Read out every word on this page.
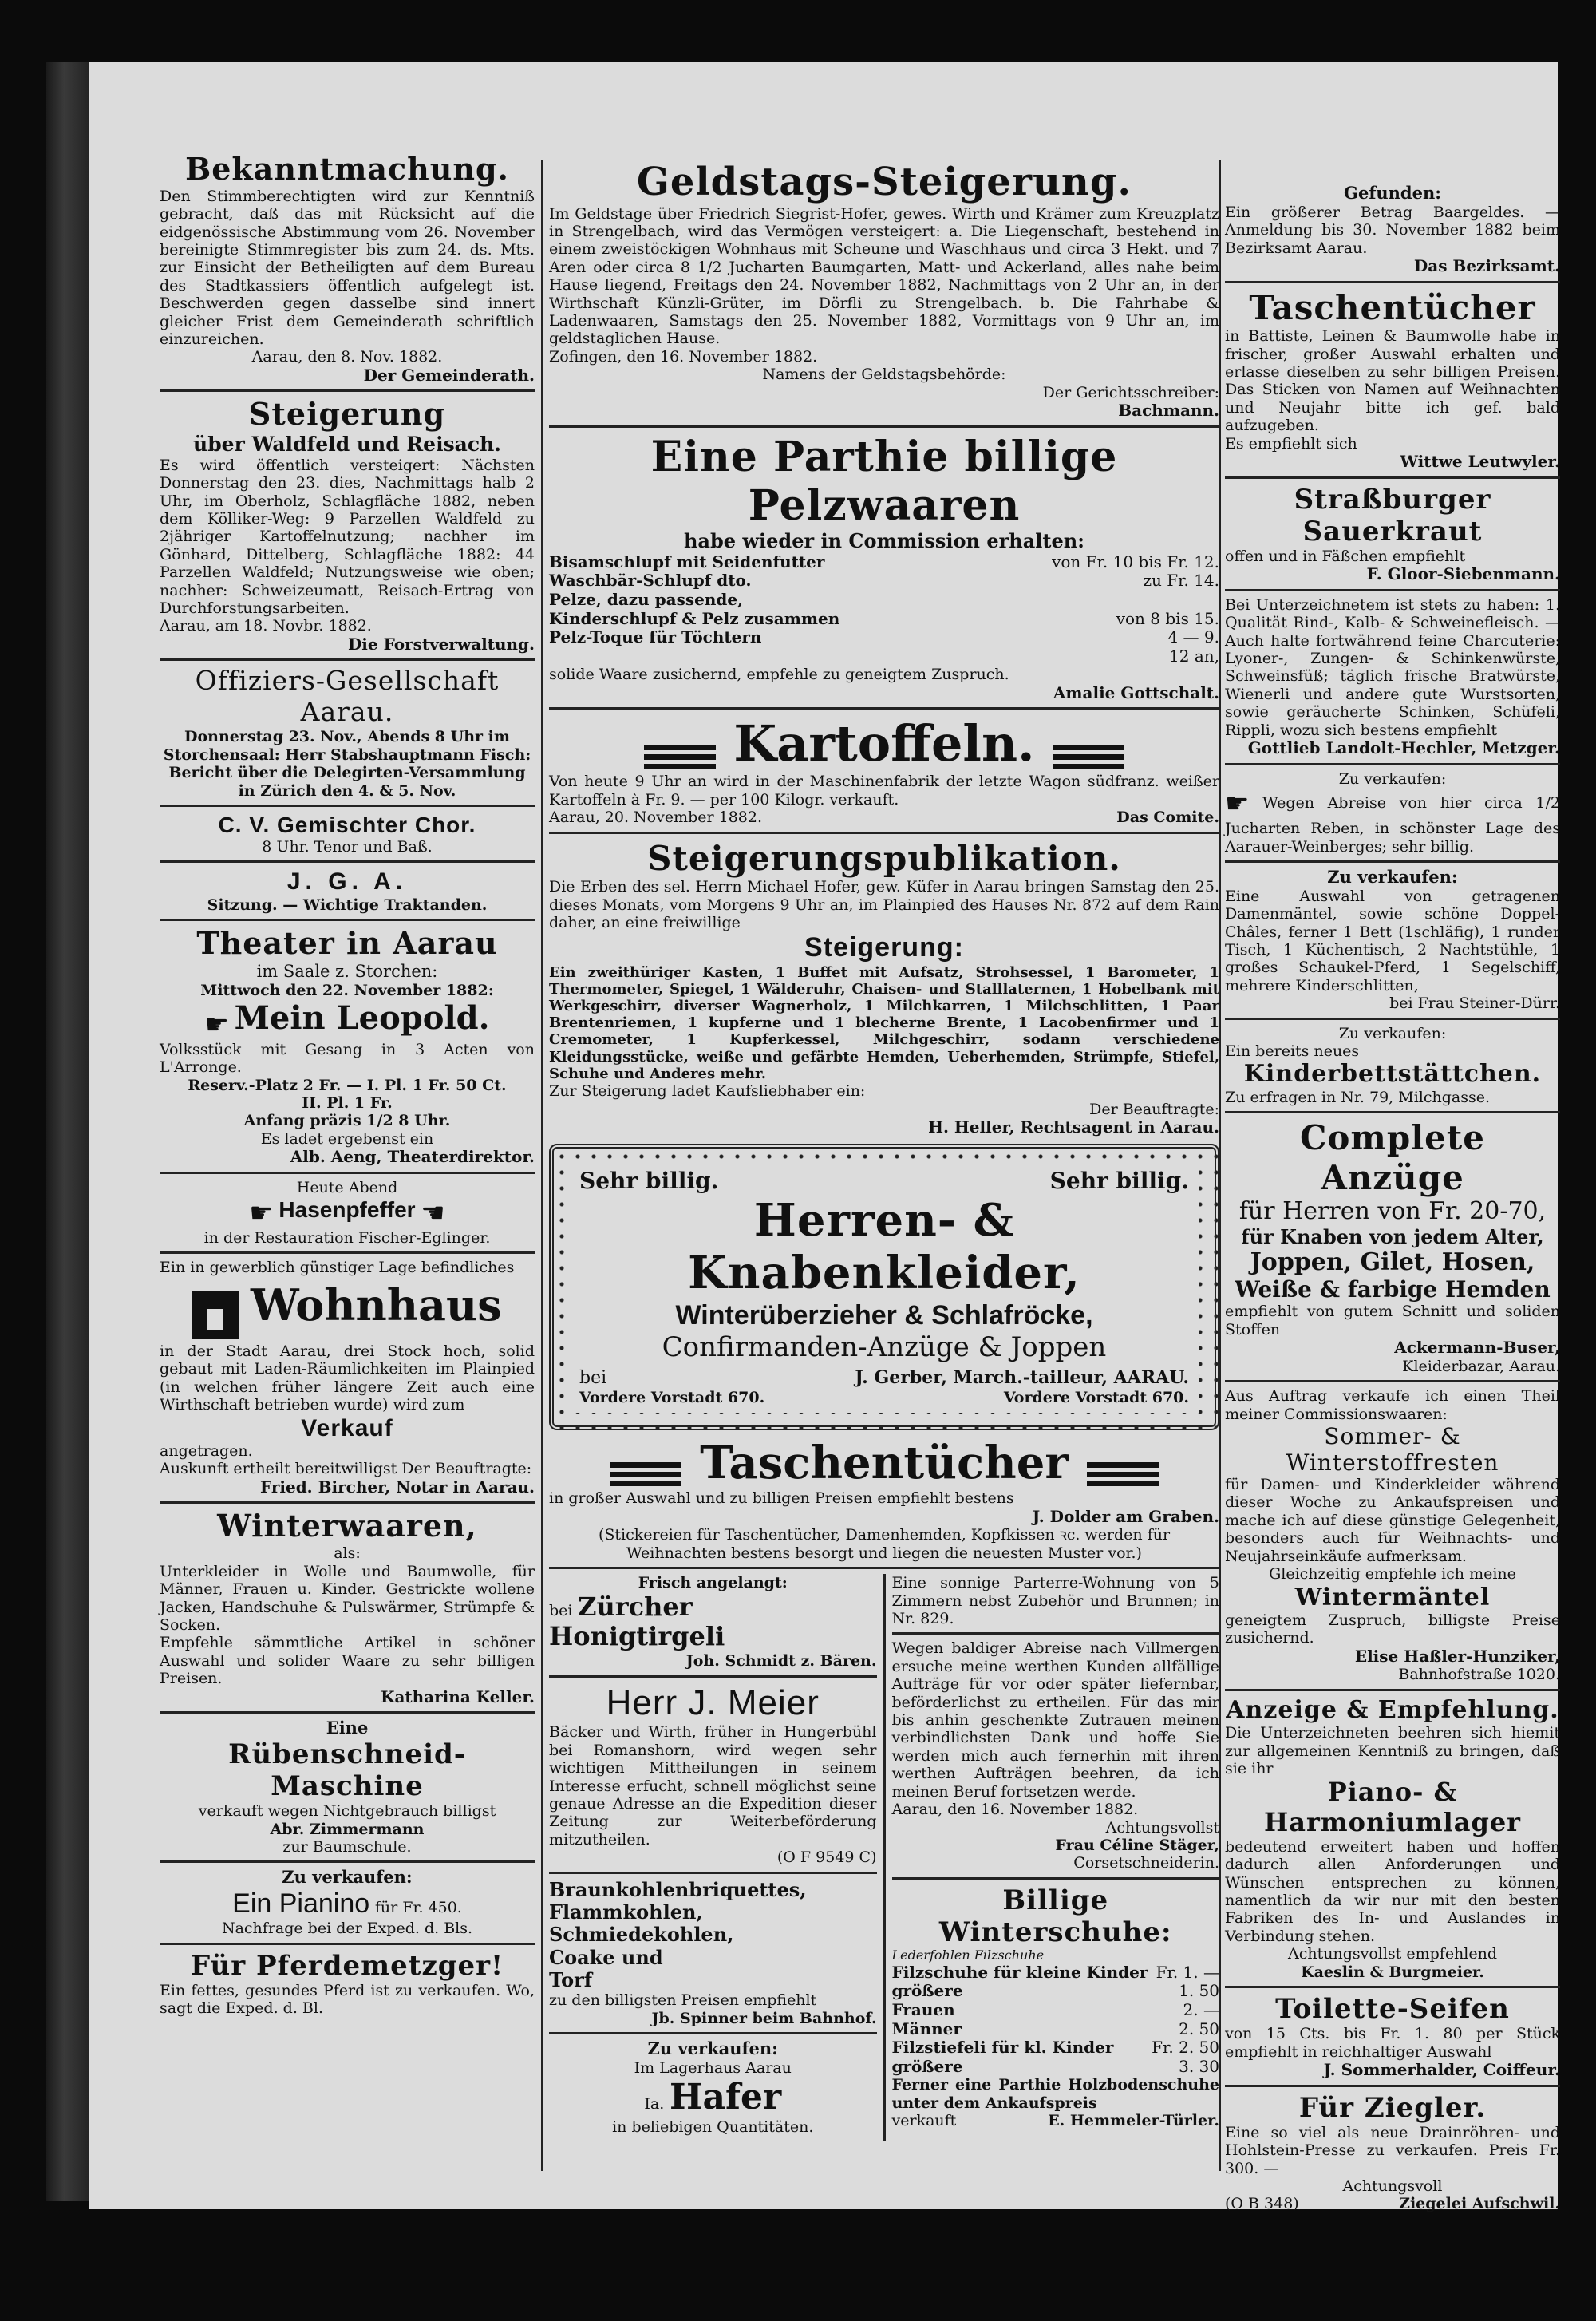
Bekanntmachung.

Den Stimmberechtigten wird zur Kenntniß gebracht, daß das mit Rücksicht auf die eidgenössische Abstimmung vom 26. November bereinigte Stimmregister bis zum 24. ds. Mts. zur Einsicht der Betheiligten auf dem Bureau des Stadtkassiers öffentlich aufgelegt ist. Beschwerden gegen dasselbe sind innert gleicher Frist dem Gemeinderath schriftlich einzureichen.

Aarau, den 8. Nov. 1882.
Der Gemeinderath.
Steigerung
über Waldfeld und Reisach.

Es wird öffentlich versteigert: Nächsten Donnerstag den 23. dies, Nachmittags halb 2 Uhr, im Oberholz, Schlagfläche 1882, neben dem Kölliker-Weg: 9 Parzellen Waldfeld zu 2jähriger Kartoffelnutzung; nachher im Gönhard, Dittelberg, Schlagfläche 1882: 44 Parzellen Waldfeld; Nutzungsweise wie oben; nachher: Schweizeumatt, Reisach-Ertrag von Durchforstungsarbeiten.

Aarau, am 18. Novbr. 1882.
Die Forstverwaltung.
Offiziers-Gesellschaft Aarau.

Donnerstag 23. Nov., Abends 8 Uhr im Storchensaal: Herr Stabshauptmann Fisch: Bericht über die Delegirten-Versammlung in Zürich den 4. & 5. Nov.

C. V. Gemischter Chor.
8 Uhr. Tenor und Baß.
J. G. A.
Sitzung. — Wichtige Traktanden.
Theater in Aarau
im Saale z. Storchen:
Mittwoch den 22. November 1882:
☛ Mein Leopold.

Volksstück mit Gesang in 3 Acten von L'Arronge.

Reserv.-Platz 2 Fr. — I. Pl. 1 Fr. 50 Ct.
II. Pl. 1 Fr.
Anfang präzis 1/2 8 Uhr.
Es ladet ergebenst ein
Alb. Aeng, Theaterdirektor.
Heute Abend
☛ Hasenpfeffer ☚
in der Restauration Fischer-Eglinger.

Ein in gewerblich günstiger Lage befindliches

Wohnhaus

in der Stadt Aarau, drei Stock hoch, solid gebaut mit Laden-Räumlichkeiten im Plainpied (in welchen früher längere Zeit auch eine Wirthschaft betrieben wurde) wird zum

Verkauf
angetragen.

Auskunft ertheilt bereitwilligst Der Beauftragte:

Fried. Bircher, Notar in Aarau.
Winterwaaren,
als:

Unterkleider in Wolle und Baumwolle, für Männer, Frauen u. Kinder. Gestrickte wollene Jacken, Handschuhe & Pulswärmer, Strümpfe & Socken.

Empfehle sämmtliche Artikel in schöner Auswahl und solider Waare zu sehr billigen Preisen.

Katharina Keller.
Eine
Rübenschneid-Maschine
verkauft wegen Nichtgebrauch billigst
Abr. Zimmermann
zur Baumschule.
Zu verkaufen:
Ein Pianino für Fr. 450.
Nachfrage bei der Exped. d. Bls.
Für Pferdemetzger!

Ein fettes, gesundes Pferd ist zu verkaufen. Wo, sagt die Exped. d. Bl.

Geldstags-Steigerung.

Im Geldstage über Friedrich Siegrist-Hofer, gewes. Wirth und Krämer zum Kreuzplatz in Strengelbach, wird das Vermögen versteigert: a. Die Liegenschaft, bestehend in einem zweistöckigen Wohnhaus mit Scheune und Waschhaus und circa 3 Hekt. und 7 Aren oder circa 8 1/2 Jucharten Baumgarten, Matt- und Ackerland, alles nahe beim Hause liegend, Freitags den 24. November 1882, Nachmittags von 2 Uhr an, in der Wirthschaft Künzli-Grüter, im Dörfli zu Strengelbach. b. Die Fahrhabe & Ladenwaaren, Samstags den 25. November 1882, Vormittags von 9 Uhr an, im geldstaglichen Hause.

Zofingen, den 16. November 1882.
Namens der Geldstagsbehörde:
Der Gerichtsschreiber:
Bachmann.
Eine Parthie billige Pelzwaaren
habe wieder in Commission erhalten:
Bisamschlupf mit Seidenfutter	von Fr. 10 bis Fr. 12.
Waschbär-Schlupf dto.	zu Fr. 14.
Pelze, dazu passende,
Kinderschlupf & Pelz zusammen	von 8 bis 15.
Pelz-Toque für Töchtern	4 — 9.
12 an,
solide Waare zusichernd, empfehle zu geneigtem Zuspruch.
Amalie Gottschalt.
Kartoffeln.

Von heute 9 Uhr an wird in der Maschinenfabrik der letzte Wagon südfranz. weißer Kartoffeln à Fr. 9. — per 100 Kilogr. verkauft.

Aarau, 20. November 1882.	Das Comite.
Steigerungspublikation.

Die Erben des sel. Herrn Michael Hofer, gew. Küfer in Aarau bringen Samstag den 25. dieses Monats, vom Morgens 9 Uhr an, im Plainpied des Hauses Nr. 872 auf dem Rain daher, an eine freiwillige

Steigerung:

Ein zweithüriger Kasten, 1 Buffet mit Aufsatz, Strohsessel, 1 Barometer, 1 Thermometer, Spiegel, 1 Wälderuhr, Chaisen- und Stalllaternen, 1 Hobelbank mit Werkgeschirr, diverser Wagnerholz, 1 Milchkarren, 1 Milchschlitten, 1 Paar Brentenriemen, 1 kupferne und 1 blecherne Brente, 1 Lacobenfirmer und 1 Cremometer, 1 Kupferkessel, Milchgeschirr, sodann verschiedene Kleidungsstücke, weiße und gefärbte Hemden, Ueberhemden, Strümpfe, Stiefel, Schuhe und Anderes mehr.

Zur Steigerung ladet Kaufsliebhaber ein:
Der Beauftragte:
H. Heller, Rechtsagent in Aarau.
Sehr billig.	Sehr billig.
Herren- & Knabenkleider,
Winterüberzieher & Schlafröcke,
Confirmanden-Anzüge & Joppen
bei	J. Gerber, March.-tailleur, AARAU.
Vordere Vorstadt 670.	Vordere Vorstadt 670.
Taschentücher
in großer Auswahl und zu billigen Preisen empfiehlt bestens
J. Dolder am Graben.

(Stickereien für Taschentücher, Damenhemden, Kopfkissen ꝛc. werden für Weihnachten bestens besorgt und liegen die neuesten Muster vor.)

Frisch angelangt:
bei Zürcher Honigtirgeli
Joh. Schmidt z. Bären.
Herr J. Meier

Bäcker und Wirth, früher in Hungerbühl bei Romanshorn, wird wegen sehr wichtigen Mittheilungen in seinem Interesse erfucht, schnell möglichst seine genaue Adresse an die Expedition dieser Zeitung zur Weiterbeförderung mitzutheilen.

(O F 9549 C)
Braunkohlenbriquettes,
Flammkohlen,
Schmiedekohlen,
Coake und
Torf
zu den billigsten Preisen empfiehlt
Jb. Spinner beim Bahnhof.
Zu verkaufen:
Im Lagerhaus Aarau
Ia. Hafer
in beliebigen Quantitäten.

Eine sonnige Parterre-Wohnung von 5 Zimmern nebst Zubehör und Brunnen; in Nr. 829.

Wegen baldiger Abreise nach Villmergen ersuche meine werthen Kunden allfällige Aufträge für vor oder später liefernbar, beförderlichst zu ertheilen. Für das mir bis anhin geschenkte Zutrauen meinen verbindlichsten Dank und hoffe Sie werden mich auch fernerhin mit ihren werthen Aufträgen beehren, da ich meinen Beruf fortsetzen werde.

Aarau, den 16. November 1882.
Achtungsvollst
Frau Céline Stäger,
Corsetschneiderin.
Billige Winterschuhe:
Lederfohlen Filzschuhe
Filzschuhe für kleine Kinder Fr. 1. —
größere	1. 50
Frauen	2. —
Männer	2. 50
Filzstiefeli für kl. Kinder Fr. 2. 50
größere	3. 30

Ferner eine Parthie Holzbodenschuhe unter dem Ankaufspreis

verkauft	E. Hemmeler-Türler.
Gefunden:

Ein größerer Betrag Baargeldes. — Anmeldung bis 30. November 1882 beim Bezirksamt Aarau.

Das Bezirksamt.
Taschentücher

in Battiste, Leinen & Baumwolle habe in frischer, großer Auswahl erhalten und erlasse dieselben zu sehr billigen Preisen. Das Sticken von Namen auf Weihnachten und Neujahr bitte ich gef. bald aufzugeben.

Es empfiehlt sich
Wittwe Leutwyler.
Straßburger Sauerkraut
offen und in Fäßchen empfiehlt
F. Gloor-Siebenmann.

Bei Unterzeichnetem ist stets zu haben: 1. Qualität Rind-, Kalb- & Schweinefleisch. — Auch halte fortwährend feine Charcuterie: Lyoner-, Zungen- & Schinkenwürste, Schweinsfüß; täglich frische Bratwürste, Wienerli und andere gute Wurstsorten, sowie geräucherte Schinken, Schüfeli, Rippli, wozu sich bestens empfiehlt

Gottlieb Landolt-Hechler, Metzger.
Zu verkaufen:

☛ Wegen Abreise von hier circa 1/2 Jucharten Reben, in schönster Lage des Aarauer-Weinberges; sehr billig.

Zu verkaufen:

Eine Auswahl von getragenen Damenmäntel, sowie schöne Doppel-Châles, ferner 1 Bett (1schläfig), 1 runder Tisch, 1 Küchentisch, 2 Nachtstühle, 1 großes Schaukel-Pferd, 1 Segelschiff, mehrere Kinderschlitten,

bei Frau Steiner-Dürr.
Zu verkaufen:
Ein bereits neues
Kinderbettstättchen.
Zu erfragen in Nr. 79, Milchgasse.
Complete Anzüge
für Herren von Fr. 20-70,
für Knaben von jedem Alter,
Joppen, Gilet, Hosen,
Weiße & farbige Hemden

empfiehlt von gutem Schnitt und soliden Stoffen

Ackermann-Buser,
Kleiderbazar, Aarau.

Aus Auftrag verkaufe ich einen Theil meiner Commissionswaaren:

Sommer- & Winterstoffresten

für Damen- und Kinderkleider während dieser Woche zu Ankaufspreisen und mache ich auf diese günstige Gelegenheit, besonders auch für Weihnachts- und Neujahrseinkäufe aufmerksam.

Gleichzeitig empfehle ich meine
Wintermäntel

geneigtem Zuspruch, billigste Preise zusichernd.

Elise Haßler-Hunziker,
Bahnhofstraße 1020.
Anzeige & Empfehlung.

Die Unterzeichneten beehren sich hiemit zur allgemeinen Kenntniß zu bringen, daß sie ihr

Piano- & Harmoniumlager

bedeutend erweitert haben und hoffen dadurch allen Anforderungen und Wünschen entsprechen zu können, namentlich da wir nur mit den besten Fabriken des In- und Auslandes in Verbindung stehen.

Achtungsvollst empfehlend
Kaeslin & Burgmeier.
Toilette-Seifen

von 15 Cts. bis Fr. 1. 80 per Stück empfiehlt in reichhaltiger Auswahl

J. Sommerhalder, Coiffeur.
Für Ziegler.

Eine so viel als neue Drainröhren- und Hohlstein-Presse zu verkaufen. Preis Fr. 300. —

Achtungsvoll
(O B 348)	Ziegelei Aufschwil.
